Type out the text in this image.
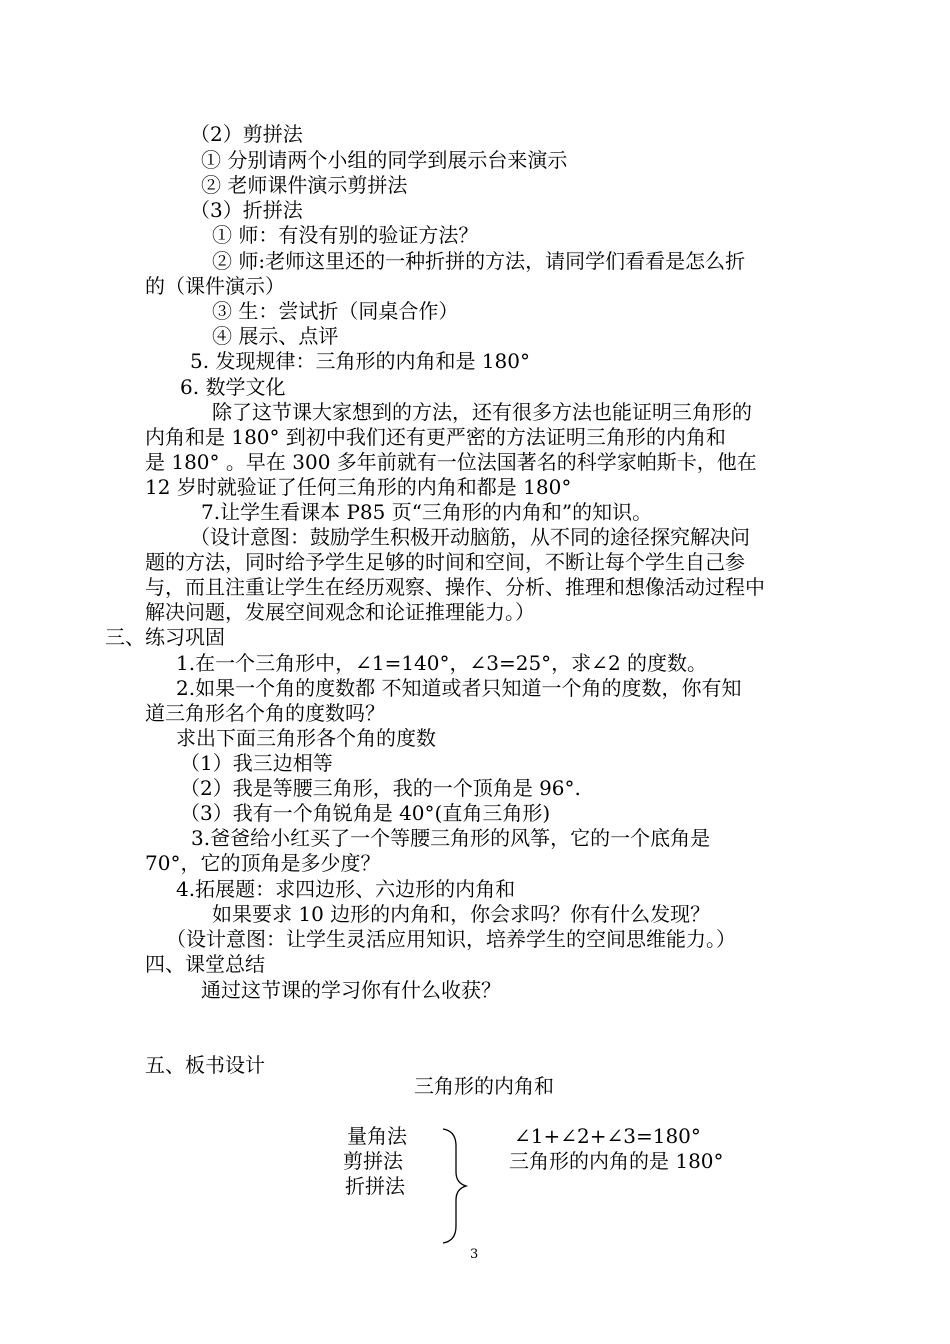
（2）剪拼法
① 分别请两个小组的同学到展示台来演示
② 老师课件演示剪拼法
（3）折拼法
① 师：有没有别的验证方法？
② 师:老师这里还的一种折拼的方法，请同学们看看是怎么折
的（课件演示）
③ 生：尝试折（同桌合作）
④ 展示、点评
5. 发现规律：三角形的内角和是 180°
6. 数学文化
除了这节课大家想到的方法，还有很多方法也能证明三角形的
内角和是 180° 到初中我们还有更严密的方法证明三角形的内角和
是 180° 。早在 300 多年前就有一位法国著名的科学家帕斯卡，他在
12 岁时就验证了任何三角形的内角和都是 180°
7.让学生看课本 P85 页“三角形的内角和”的知识。
（设计意图：鼓励学生积极开动脑筋，从不同的途径探究解决问
题的方法，同时给予学生足够的时间和空间，不断让每个学生自己参
与，而且注重让学生在经历观察、操作、分析、推理和想像活动过程中
解决问题，发展空间观念和论证推理能力。）
三、练习巩固
1.在一个三角形中，∠1=140°，∠3=25°，求∠2 的度数。
2.如果一个角的度数都 不知道或者只知道一个角的度数，你有知
道三角形名个角的度数吗？
求出下面三角形各个角的度数
（1）我三边相等
（2）我是等腰三角形，我的一个顶角是 96°.
（3）我有一个角锐角是 40°(直角三角形)
3.爸爸给小红买了一个等腰三角形的风筝，它的一个底角是
70°，它的顶角是多少度？
4.拓展题：求四边形、六边形的内角和
如果要求 10 边形的内角和，你会求吗？你有什么发现？
（设计意图：让学生灵活应用知识，培养学生的空间思维能力。）
四、课堂总结
通过这节课的学习你有什么收获？
五、板书设计
三角形的内角和
量角法
剪拼法
折拼法
∠1+∠2+∠3=180°
三角形的内角的是 180°
3
